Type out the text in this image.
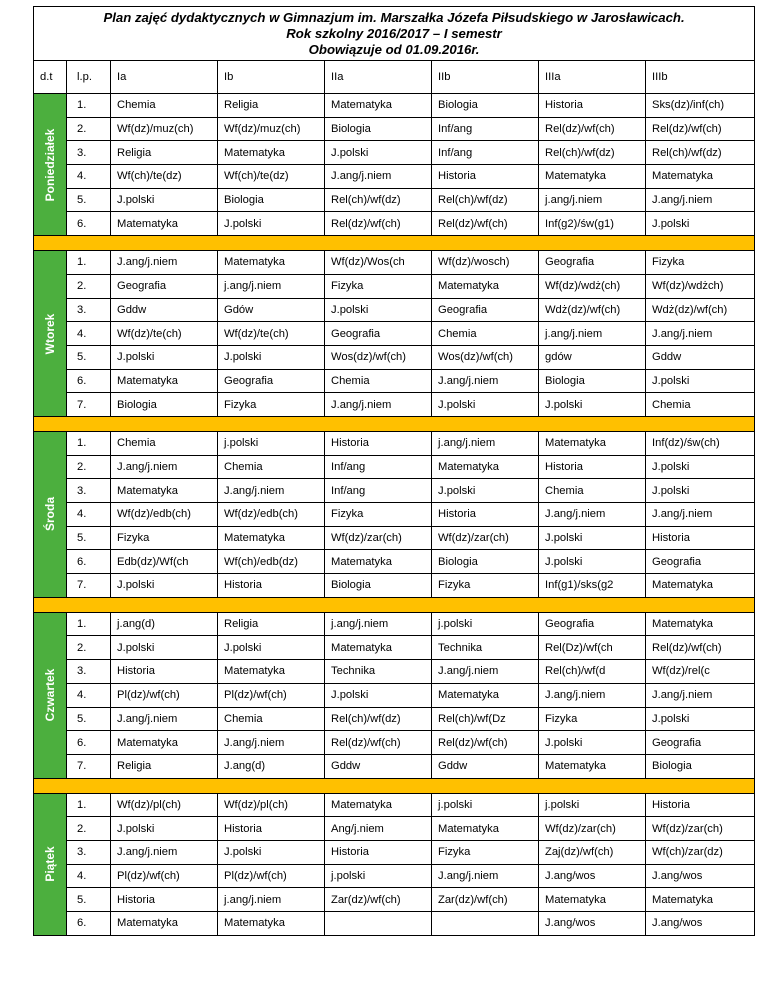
Plan zajęć dydaktycznych w Gimnazjum im. Marszałka Józefa Piłsudskiego w Jarosławicach.
Rok szkolny 2016/2017 – I semestr
Obowiązuje od 01.09.2016r.							

d.t	l.p.	Ia	Ib	IIa	IIb	IIIa	IIIb

Poniedziałek	1.	Chemia	Religia	Matematyka	Biologia	Historia	Sks(dz)/inf(ch)
	2.	Wf(dz)/muz(ch)	Wf(dz)/muz(ch)	Biologia	Inf/ang	Rel(dz)/wf(ch)	Rel(dz)/wf(ch)
	3.	Religia	Matematyka	J.polski	Inf/ang	Rel(ch)/wf(dz)	Rel(ch)/wf(dz)
	4.	Wf(ch)/te(dz)	Wf(ch)/te(dz)	J.ang/j.niem	Historia	Matematyka	Matematyka
	5.	J.polski	Biologia	Rel(ch)/wf(dz)	Rel(ch)/wf(dz)	j.ang/j.niem	J.ang/j.niem
	6.	Matematyka	J.polski	Rel(dz)/wf(ch)	Rel(dz)/wf(ch)	Inf(g2)/św(g1)	J.polski

Wtorek	1.	J.ang/j.niem	Matematyka	Wf(dz)/Wos(ch	Wf(dz)/wosch)	Geografia	Fizyka
	2.	Geografia	j.ang/j.niem	Fizyka	Matematyka	Wf(dz)/wdż(ch)	Wf(dz)/wdżch)
	3.	Gddw	Gdów	J.polski	Geografia	Wdż(dz)/wf(ch)	Wdż(dz)/wf(ch)
	4.	Wf(dz)/te(ch)	Wf(dz)/te(ch)	Geografia	Chemia	j.ang/j.niem	J.ang/j.niem
	5.	J.polski	J.polski	Wos(dz)/wf(ch)	Wos(dz)/wf(ch)	gdów	Gddw
	6.	Matematyka	Geografia	Chemia	J.ang/j.niem	Biologia	J.polski
	7.	Biologia	Fizyka	J.ang/j.niem	J.polski	J.polski	Chemia

Środa	1.	Chemia	j.polski	Historia	j.ang/j.niem	Matematyka	Inf(dz)/św(ch)
	2.	J.ang/j.niem	Chemia	Inf/ang	Matematyka	Historia	J.polski
	3.	Matematyka	J.ang/j.niem	Inf/ang	J.polski	Chemia	J.polski
	4.	Wf(dz)/edb(ch)	Wf(dz)/edb(ch)	Fizyka	Historia	J.ang/j.niem	J.ang/j.niem
	5.	Fizyka	Matematyka	Wf(dz)/zar(ch)	Wf(dz)/zar(ch)	J.polski	Historia
	6.	Edb(dz)/Wf(ch	Wf(ch)/edb(dz)	Matematyka	Biologia	J.polski	Geografia
	7.	J.polski	Historia	Biologia	Fizyka	Inf(g1)/sks(g2	Matematyka

Czwartek	1.	j.ang(d)	Religia	j.ang/j.niem	j.polski	Geografia	Matematyka
	2.	J.polski	J.polski	Matematyka	Technika	Rel(Dz)/wf(ch	Rel(dz)/wf(ch)
	3.	Historia	Matematyka	Technika	J.ang/j.niem	Rel(ch)/wf(d	Wf(dz)/rel(c
	4.	Pl(dz)/wf(ch)	Pl(dz)/wf(ch)	J.polski	Matematyka	J.ang/j.niem	J.ang/j.niem
	5.	J.ang/j.niem	Chemia	Rel(ch)/wf(dz)	Rel(ch)/wf(Dz	Fizyka	J.polski
	6.	Matematyka	J.ang/j.niem	Rel(dz)/wf(ch)	Rel(dz)/wf(ch)	J.polski	Geografia
	7.	Religia	J.ang(d)	Gddw	Gddw	Matematyka	Biologia

Piątek	1.	Wf(dz)/pl(ch)	Wf(dz)/pl(ch)	Matematyka	j.polski	j.polski	Historia
	2.	J.polski	Historia	Ang/j.niem	Matematyka	Wf(dz)/zar(ch)	Wf(dz)/zar(ch)
	3.	J.ang/j.niem	J.polski	Historia	Fizyka	Zaj(dz)/wf(ch)	Wf(ch)/zar(dz)
	4.	Pl(dz)/wf(ch)	Pl(dz)/wf(ch)	j.polski	J.ang/j.niem	J.ang/wos	J.ang/wos
	5.	Historia	j.ang/j.niem	Zar(dz)/wf(ch)	Zar(dz)/wf(ch)	Matematyka	Matematyka
	6.	Matematyka	Matematyka			J.ang/wos	J.ang/wos
